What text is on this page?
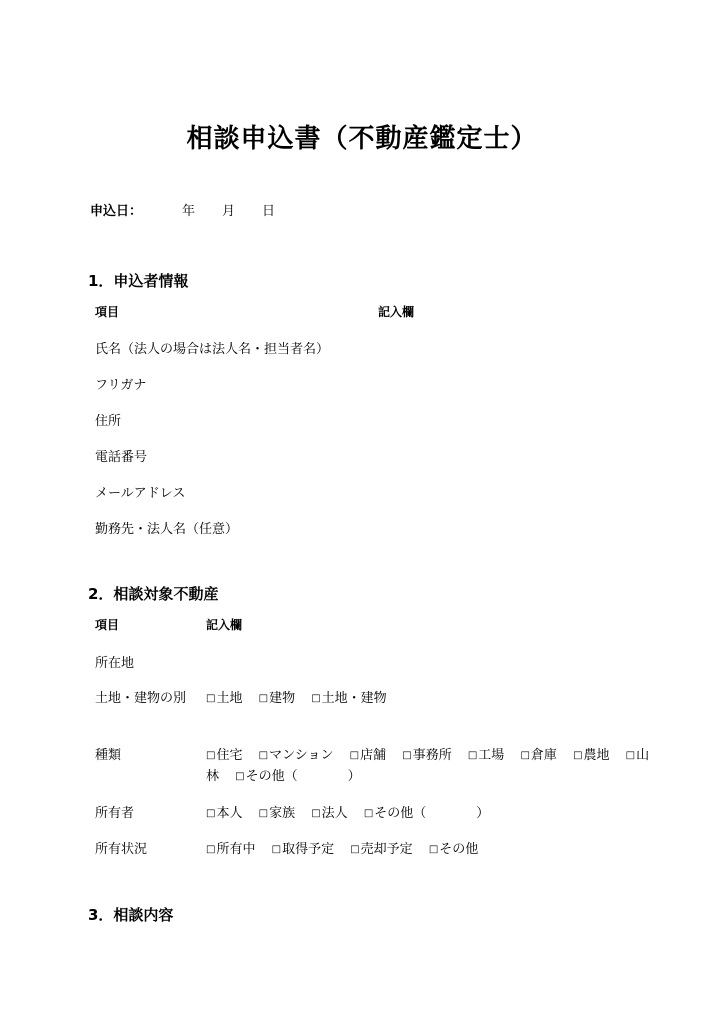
相談申込書（不動産鑑定士）
申込日：	年 月 日
1．申込者情報
項目	記入欄
氏名（法人の場合は法人名・担当者名）
フリガナ
住所
電話番号
メールアドレス
勤務先・法人名（任意）
2．相談対象不動産
項目	記入欄
所在地
土地・建物の別 □土地 □建物 □土地・建物
種類	□住宅 □マンション □店舗 □事務所 □工場 □倉庫 □農地 □山
林 □その他（	）
所有者	□本人 □家族 □法人 □その他（	）
所有状況	□所有中 □取得予定 □売却予定 □その他
3．相談内容
